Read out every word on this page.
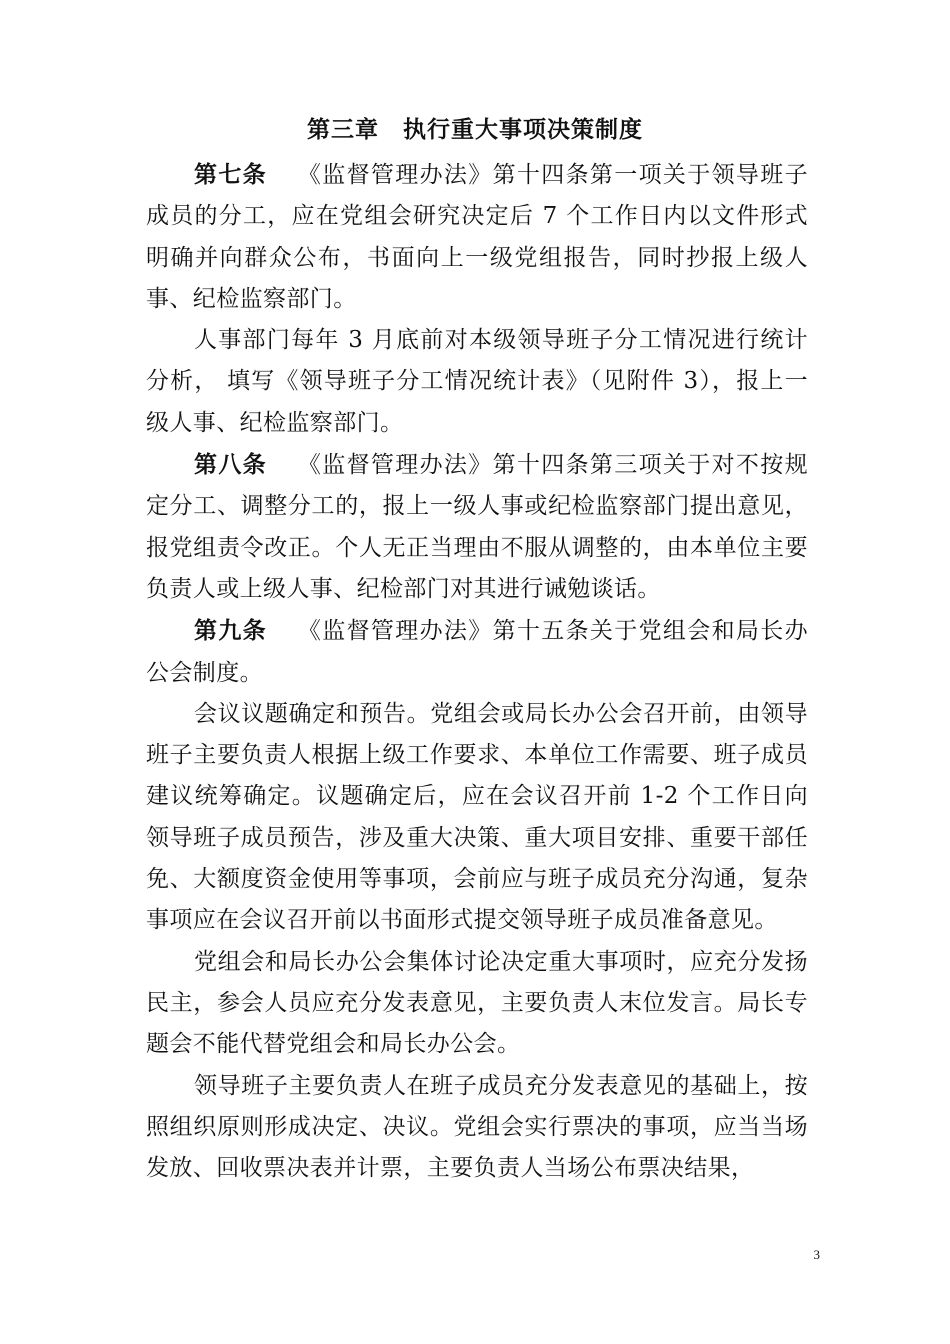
第三章　执行重大事项决策制度

第七条 《监督管理办法》第十四条第一项关于领导班子成员的分工，应在党组会研究决定后 7 个工作日内以文件形式明确并向群众公布，书面向上一级党组报告，同时抄报上级人事、纪检监察部门。

人事部门每年 3 月底前对本级领导班子分工情况进行统计分析， 填写《领导班子分工情况统计表》（见附件 3），报上一级人事、纪检监察部门。

第八条 《监督管理办法》第十四条第三项关于对不按规定分工、调整分工的，报上一级人事或纪检监察部门提出意见，报党组责令改正。个人无正当理由不服从调整的，由本单位主要负责人或上级人事、纪检部门对其进行诫勉谈话。

第九条 《监督管理办法》第十五条关于党组会和局长办公会制度。

会议议题确定和预告。党组会或局长办公会召开前，由领导班子主要负责人根据上级工作要求、本单位工作需要、班子成员建议统筹确定。议题确定后，应在会议召开前 1-2 个工作日向领导班子成员预告，涉及重大决策、重大项目安排、重要干部任免、大额度资金使用等事项，会前应与班子成员充分沟通，复杂事项应在会议召开前以书面形式提交领导班子成员准备意见。

党组会和局长办公会集体讨论决定重大事项时，应充分发扬民主，参会人员应充分发表意见，主要负责人末位发言。局长专题会不能代替党组会和局长办公会。

领导班子主要负责人在班子成员充分发表意见的基础上，按照组织原则形成决定、决议。党组会实行票决的事项，应当当场发放、回收票决表并计票，主要负责人当场公布票决结果，

3
